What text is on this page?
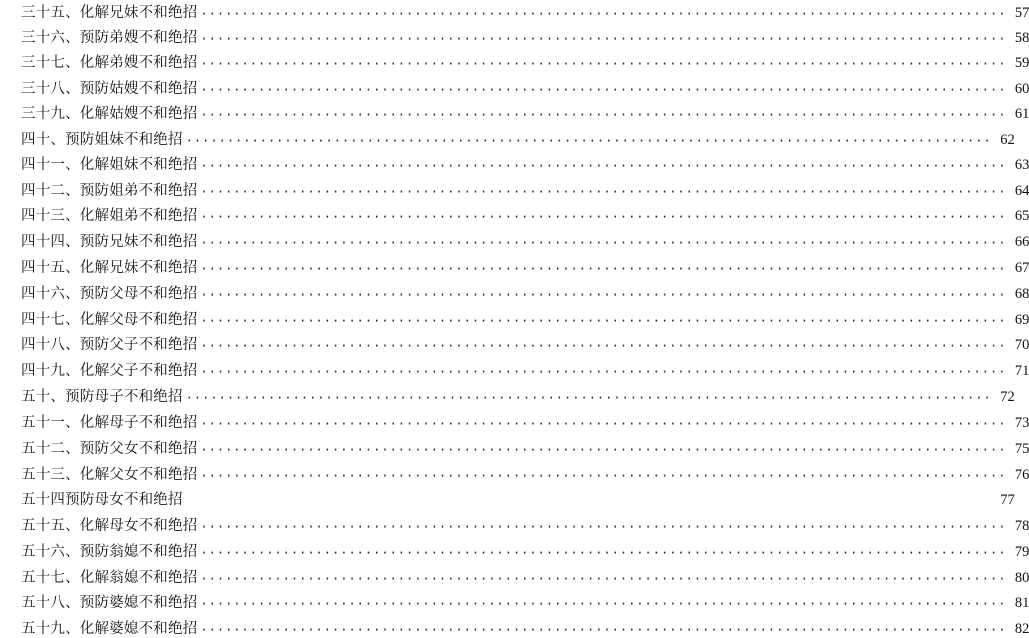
三十五、化解兄妹不和绝招 ·································································································· 57
三十六、预防弟嫂不和绝招 ·································································································· 58
三十七、化解弟嫂不和绝招 ·································································································· 59
三十八、预防姑嫂不和绝招 ·································································································· 60
三十九、化解姑嫂不和绝招 ·································································································· 61
四十、预防姐妹不和绝招 ·································································································· 62
四十一、化解姐妹不和绝招 ·································································································· 63
四十二、预防姐弟不和绝招 ·································································································· 64
四十三、化解姐弟不和绝招 ·································································································· 65
四十四、预防兄妹不和绝招 ·································································································· 66
四十五、化解兄妹不和绝招 ·································································································· 67
四十六、预防父母不和绝招 ·································································································· 68
四十七、化解父母不和绝招 ·································································································· 69
四十八、预防父子不和绝招 ·································································································· 70
四十九、化解父子不和绝招 ·································································································· 71
五十、预防母子不和绝招 ·································································································· 72
五十一、化解母子不和绝招 ·································································································· 73
五十二、预防父女不和绝招 ·································································································· 75
五十三、化解父女不和绝招 ·································································································· 76
五十四预防母女不和绝招	77
五十五、化解母女不和绝招 ·································································································· 78
五十六、预防翁媳不和绝招 ·································································································· 79
五十七、化解翁媳不和绝招 ·································································································· 80
五十八、预防婆媳不和绝招 ·································································································· 81
五十九、化解婆媳不和绝招 ·································································································· 82
